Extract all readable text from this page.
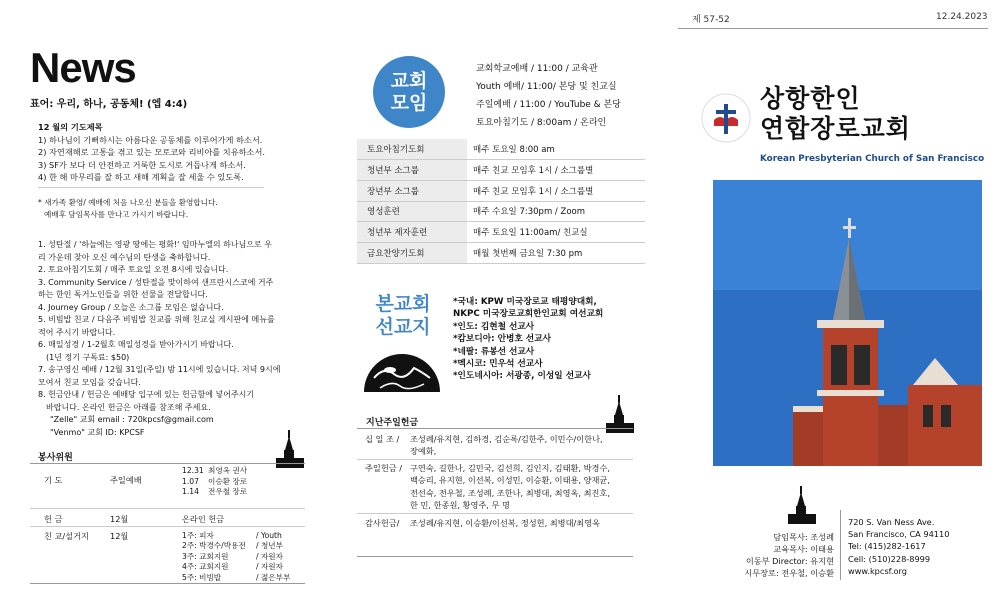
제 57-52	12.24.2023
News
표어: 우리, 하나, 공동체! (엡 4:4)
12 월의 기도제목
1) 하나님이 기뻐하시는 아름다운 공동체를 이루어가게 하소서.
2) 자연재해로 고통을 겪고 있는 모로코와 리비아를 치유하소서.
3) SF가 보다 더 안전하고 거룩한 도시로 거듭나게 하소서.
4) 한 해 마무리를 잘 하고 새해 계획을 잘 세울 수 있도록.
* 새가족 환영/ 예배에 처음 나오신 분들을 환영합니다.
예배후 담임목사를 만나고 가시기 바랍니다.
1. 성탄절 / '하늘에는 영광 땅에는 평화!' 임마누엘의 하나님으로 우
리 가운데 찾아 오신 예수님의 탄생을 축하합니다.
2. 토요아침기도회 / 매주 토요일 오전 8시에 있습니다.
3. Community Service / 성탄절을 맞이하여 샌프란시스코에 거주
하는 한인 독거노인들을 위한 선물을 전달합니다.
4. Journey Group / 오늘은 소그룹 모임은 없습니다.
5. 비빔밥 친교 / 다음주 비빔밥 친교를 위해 친교실 게시판에 메뉴를
적어 주시기 바랍니다.
6. 매일성경 / 1-2월호 매일성경을 받아가시기 바랍니다.
(1년 정기 구독료: $50)
7. 송구영신 예배 / 12월 31일(주일) 밤 11시에 있습니다. 저녁 9시에
모여서 친교 모임을 갖습니다.
8. 헌금안내 / 헌금은 예배당 입구에 있는 헌금함에 넣어주시기
바랍니다. 온라인 헌금은 아래를 참조해 주세요.
"Zelle" 교회 email : 720kpcsf@gmail.com
"Venmo" 교회 ID: KPCSF
봉사위원
기 도	주일예배
12.31 최영옥 권사
1.07 이승환 장로
1.14 전우철 장로
헌 금	12월	온라인 헌금
친 교/설거지	12월	1주: 피자	/ Youth
2주: 박경수/박용전 / 청년부
3주: 교회지원	/ 자원자
4주: 교회지원	/ 자원자
5주: 비빔밥	/ 젊은부부
교회
모임
교회학교예배 / 11:00 / 교육관
Youth 예배/ 11:00/ 본당 및 친교실
주일예배 / 11:00 / YouTube & 본당
토요아침기도 / 8:00am / 온라인
토요아침기도회	매주 토요일 8:00 am
청년부 소그룹	매주 친교 모임후 1시 / 소그룹별
장년부 소그룹	매주 친교 모임후 1시 / 소그룹별
영성훈련	매주 수요일 7:30pm / Zoom
청년부 제자훈련	매주 토요일 11:00am/ 친교실
금요찬양기도회	매월 첫번째 금요일 7:30 pm
본교회
선교지
*국내: KPW 미국장로교 태평양대회,
NKPC 미국장로교회한인교회 여선교회
*인도: 김현철 선교사
*캄보디아: 안병호 선교사
*네팔: 류봉선 선교사
*멕시코: 민우석 선교사
*인도네시아: 서광종, 이성일 선교사
지난주일헌금
십 일 조 / 조성례/유지현, 김하경, 김순록/김한주, 이민수/이한나,
장예화,
주일헌금 / 구연숙, 길한나, 김민국, 김선희, 김인지, 김태환, 박경수,
백승리, 유지현, 이선복, 이성민, 이승환, 이태용, 양재균,
전선숙, 전우철, 조성례, 조한나, 최병대, 최영옥, 최진호,
한 민, 한종원, 황영주, 무 명
감사헌금/ 조성례/유지현, 이승환/이선복, 정성헌, 최병대/최영옥
상항한인
연합장로교회
Korean Presbyterian Church of San Francisco
담임목사: 조성례
교육목사: 이태용
이동부 Director: 유지현
시무장로: 전우철, 이승환
720 S. Van Ness Ave.
San Francisco, CA 94110
Tel: (415)282-1617
Cell: (510)228-8999
www.kpcsf.org
